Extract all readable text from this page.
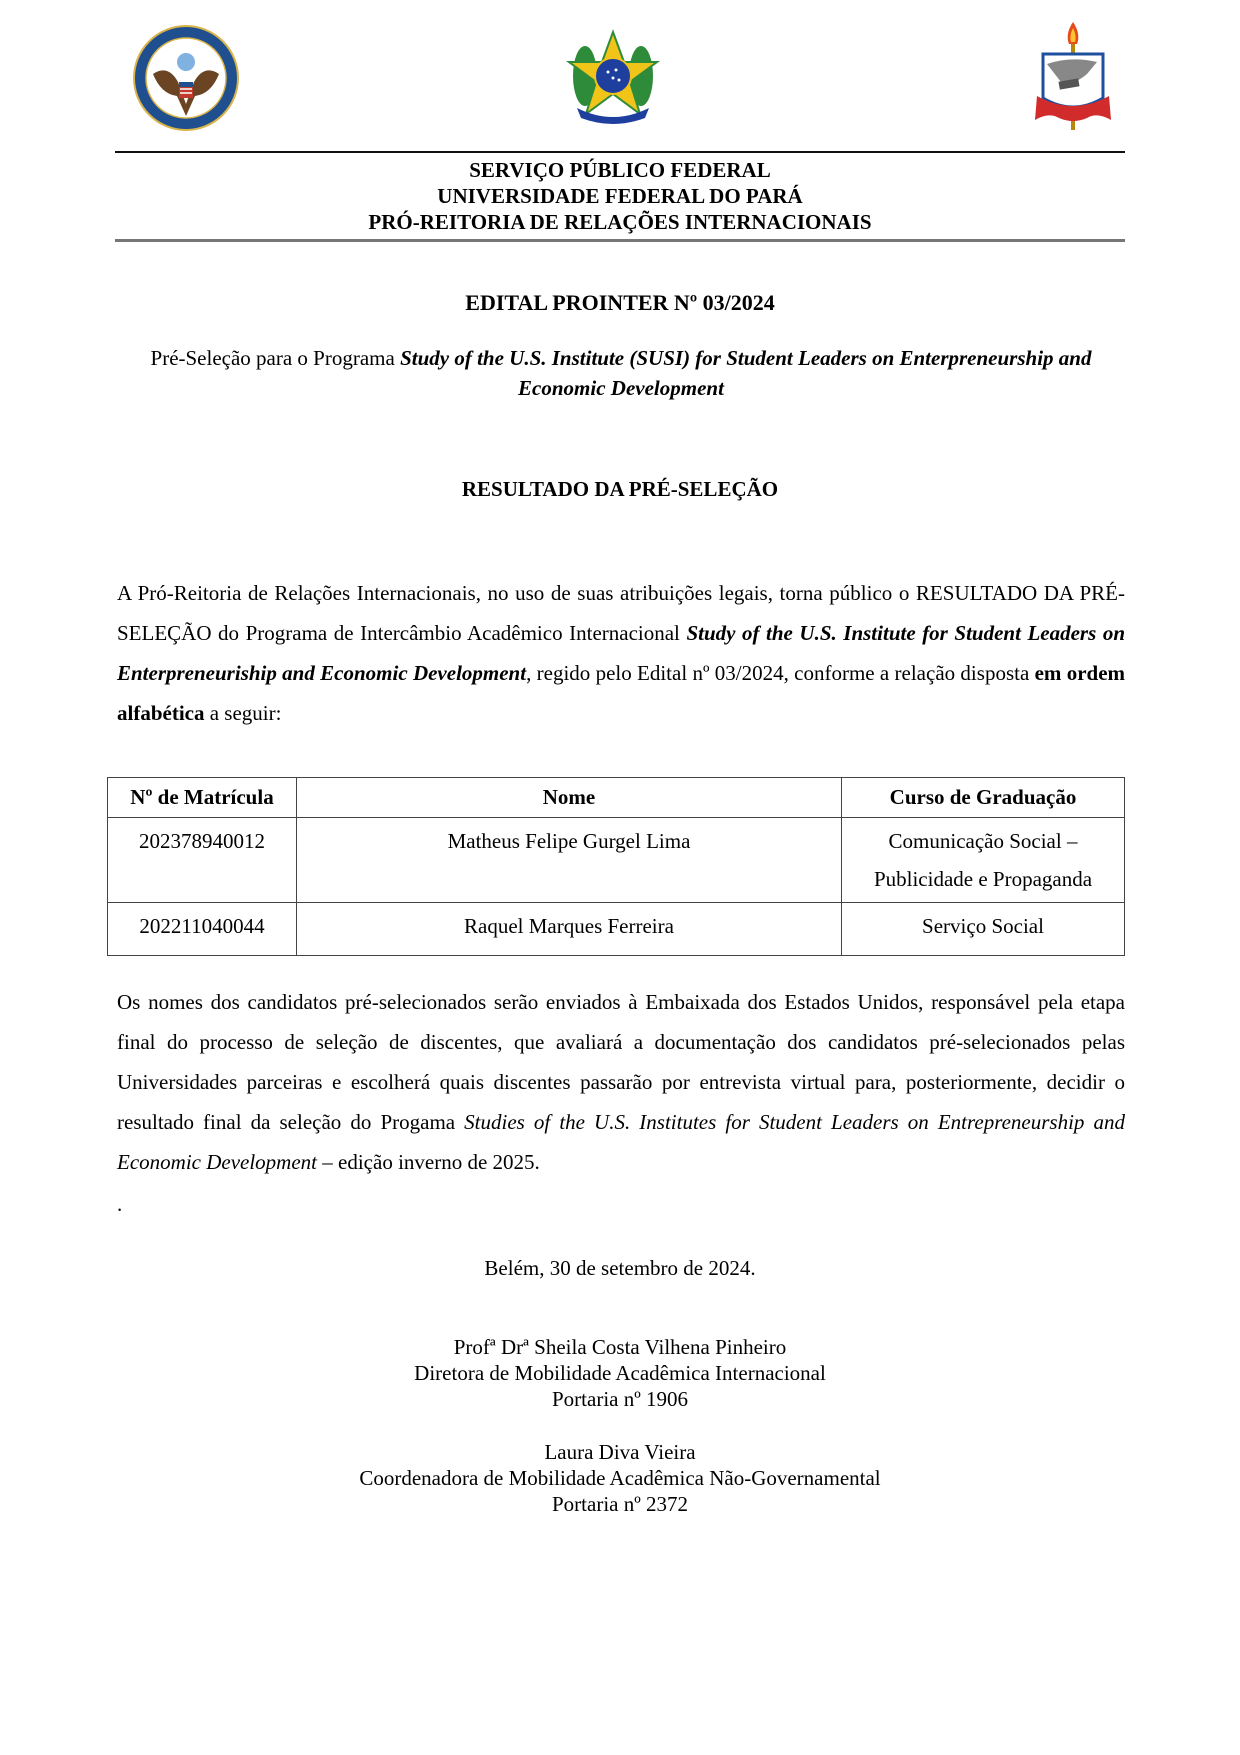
SERVIÇO PÚBLICO FEDERAL
UNIVERSIDADE FEDERAL DO PARÁ
PRÓ-REITORIA DE RELAÇÕES INTERNACIONAIS
EDITAL PROINTER Nº 03/2024
Pré-Seleção para o Programa Study of the U.S. Institute (SUSI) for Student Leaders on Enterpreneurship and Economic Development
RESULTADO DA PRÉ-SELEÇÃO
A Pró-Reitoria de Relações Internacionais, no uso de suas atribuições legais, torna público o RESULTADO DA PRÉ-SELEÇÃO do Programa de Intercâmbio Acadêmico Internacional Study of the U.S. Institute for Student Leaders on Enterpreneuriship and Economic Development, regido pelo Edital nº 03/2024, conforme a relação disposta em ordem alfabética a seguir:
Nº de Matrícula	Nome	Curso de Graduação
202378940012	Matheus Felipe Gurgel Lima	Comunicação Social – Publicidade e Propaganda
202211040044	Raquel Marques Ferreira	Serviço Social
Os nomes dos candidatos pré-selecionados serão enviados à Embaixada dos Estados Unidos, responsável pela etapa final do processo de seleção de discentes, que avaliará a documentação dos candidatos pré-selecionados pelas Universidades parceiras e escolherá quais discentes passarão por entrevista virtual para, posteriormente, decidir o resultado final da seleção do Progama Studies of the U.S. Institutes for Student Leaders on Entrepreneurship and Economic Development – edição inverno de 2025.
.
Belém, 30 de setembro de 2024.
Profª Drª Sheila Costa Vilhena Pinheiro
Diretora de Mobilidade Acadêmica Internacional
Portaria nº 1906
Laura Diva Vieira
Coordenadora de Mobilidade Acadêmica Não-Governamental
Portaria nº 2372
